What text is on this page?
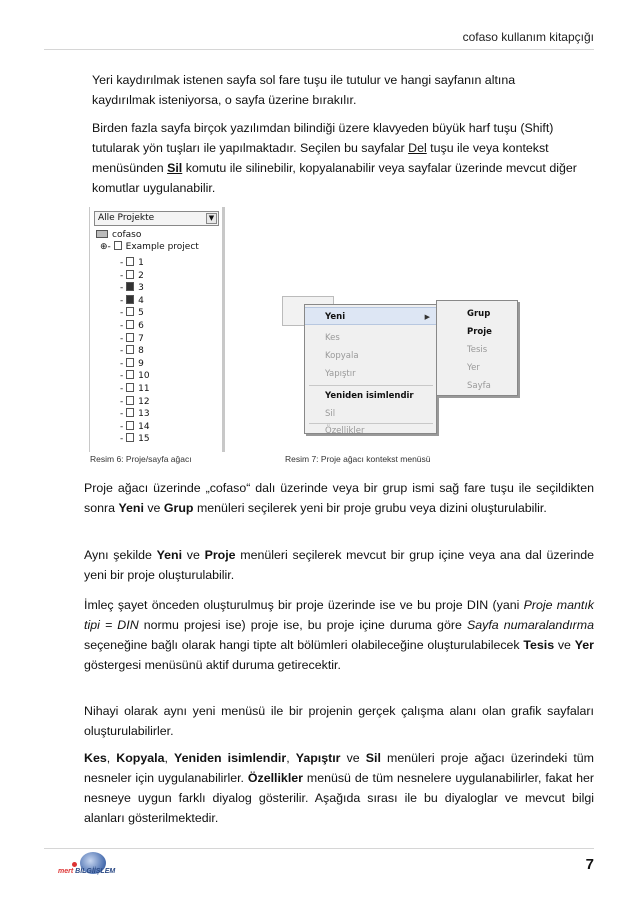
cofaso kullanım kitapçığı

Yeri kaydırılmak istenen sayfa sol fare tuşu ile tutulur ve hangi sayfanın altına kaydırılmak isteniyorsa, o sayfa üzerine bırakılır.

Birden fazla sayfa birçok yazılımdan bilindiği üzere klavyeden büyük harf tuşu (Shift) tutularak yön tuşları ile yapılmaktadır. Seçilen bu sayfalar Del tuşu ile veya kontekst menüsünden Sil komutu ile silinebilir, kopyalanabilir veya sayfalar üzerinde mevcut diğer komutlar uygulanabilir.

Alle Projekte	▼
cofaso
⊕- Example project
- 1
- 2
- 3
- 4
- 5
- 6
- 7
- 8
- 9
- 10
- 11
- 12
- 13
- 14
- 15
Yeni	▶
Kes
Kopyala
Yapıştır
Yeniden isimlendir
Sil
Özellikler
Grup
Proje
Tesis
Yer
Sayfa
Resim 6: Proje/sayfa ağacı	Resim 7: Proje ağacı kontekst menüsü

Proje ağacı üzerinde „cofaso“ dalı üzerinde veya bir grup ismi sağ fare tuşu ile seçildikten sonra Yeni ve Grup menüleri seçilerek yeni bir proje grubu veya dizini oluşturulabilir.

Aynı şekilde Yeni ve Proje menüleri seçilerek mevcut bir grup içine veya ana dal üzerinde yeni bir proje oluşturulabilir.

İmleç şayet önceden oluşturulmuş bir proje üzerinde ise ve bu proje DIN (yani Proje mantık tipi = DIN normu projesi ise) proje ise, bu proje içine duruma göre Sayfa numaralandırma seçeneğine bağlı olarak hangi tipte alt bölümleri olabileceğine oluşturulabilecek Tesis ve Yer göstergesi menüsünü aktif duruma getirecektir.

Nihayi olarak aynı yeni menüsü ile bir projenin gerçek çalışma alanı olan grafik sayfaları oluşturulabilirler.

Kes, Kopyala, Yeniden isimlendir, Yapıştır ve Sil menüleri proje ağacı üzerindeki tüm nesneler için uygulanabilirler. Özellikler menüsü de tüm nesnelere uygulanabilirler, fakat her nesneye uygun farklı diyalog gösterilir. Aşağıda sırası ile bu diyaloglar ve mevcut bilgi alanları gösterilmektedir.

mert BİLGİİŞLEM	7
